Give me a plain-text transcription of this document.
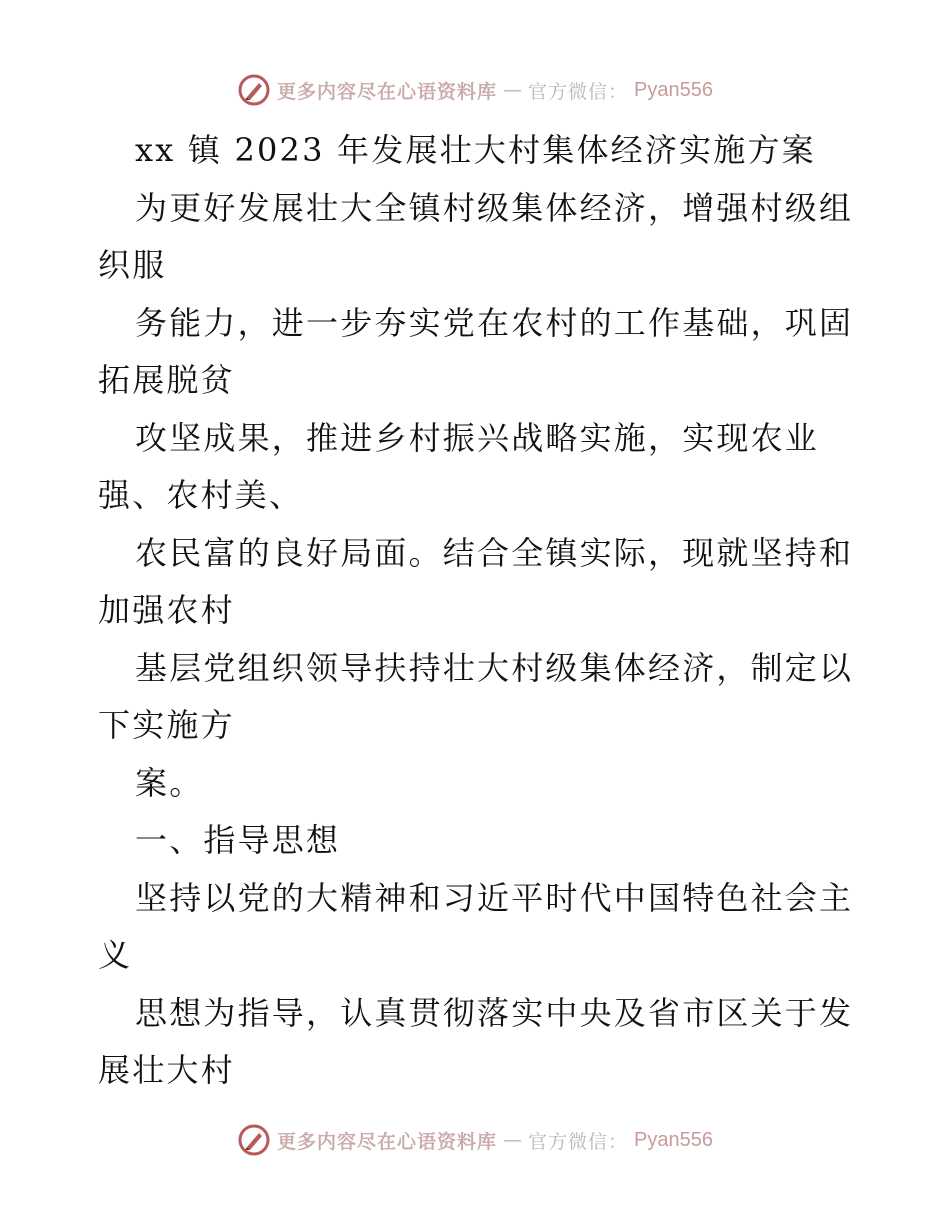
更多内容尽在心语资料库 — 官方微信： Pyan556
xx 镇 2023 年发展壮大村集体经济实施方案
为更好发展壮大全镇村级集体经济，增强村级组
织服
务能力，进一步夯实党在农村的工作基础，巩固
拓展脱贫
攻坚成果，推进乡村振兴战略实施，实现农业
强、农村美、
农民富的良好局面。结合全镇实际，现就坚持和
加强农村
基层党组织领导扶持壮大村级集体经济，制定以
下实施方
案。
一、指导思想
坚持以党的大精神和习近平时代中国特色社会主
义
思想为指导，认真贯彻落实中央及省市区关于发
展壮大村
更多内容尽在心语资料库 — 官方微信： Pyan556
